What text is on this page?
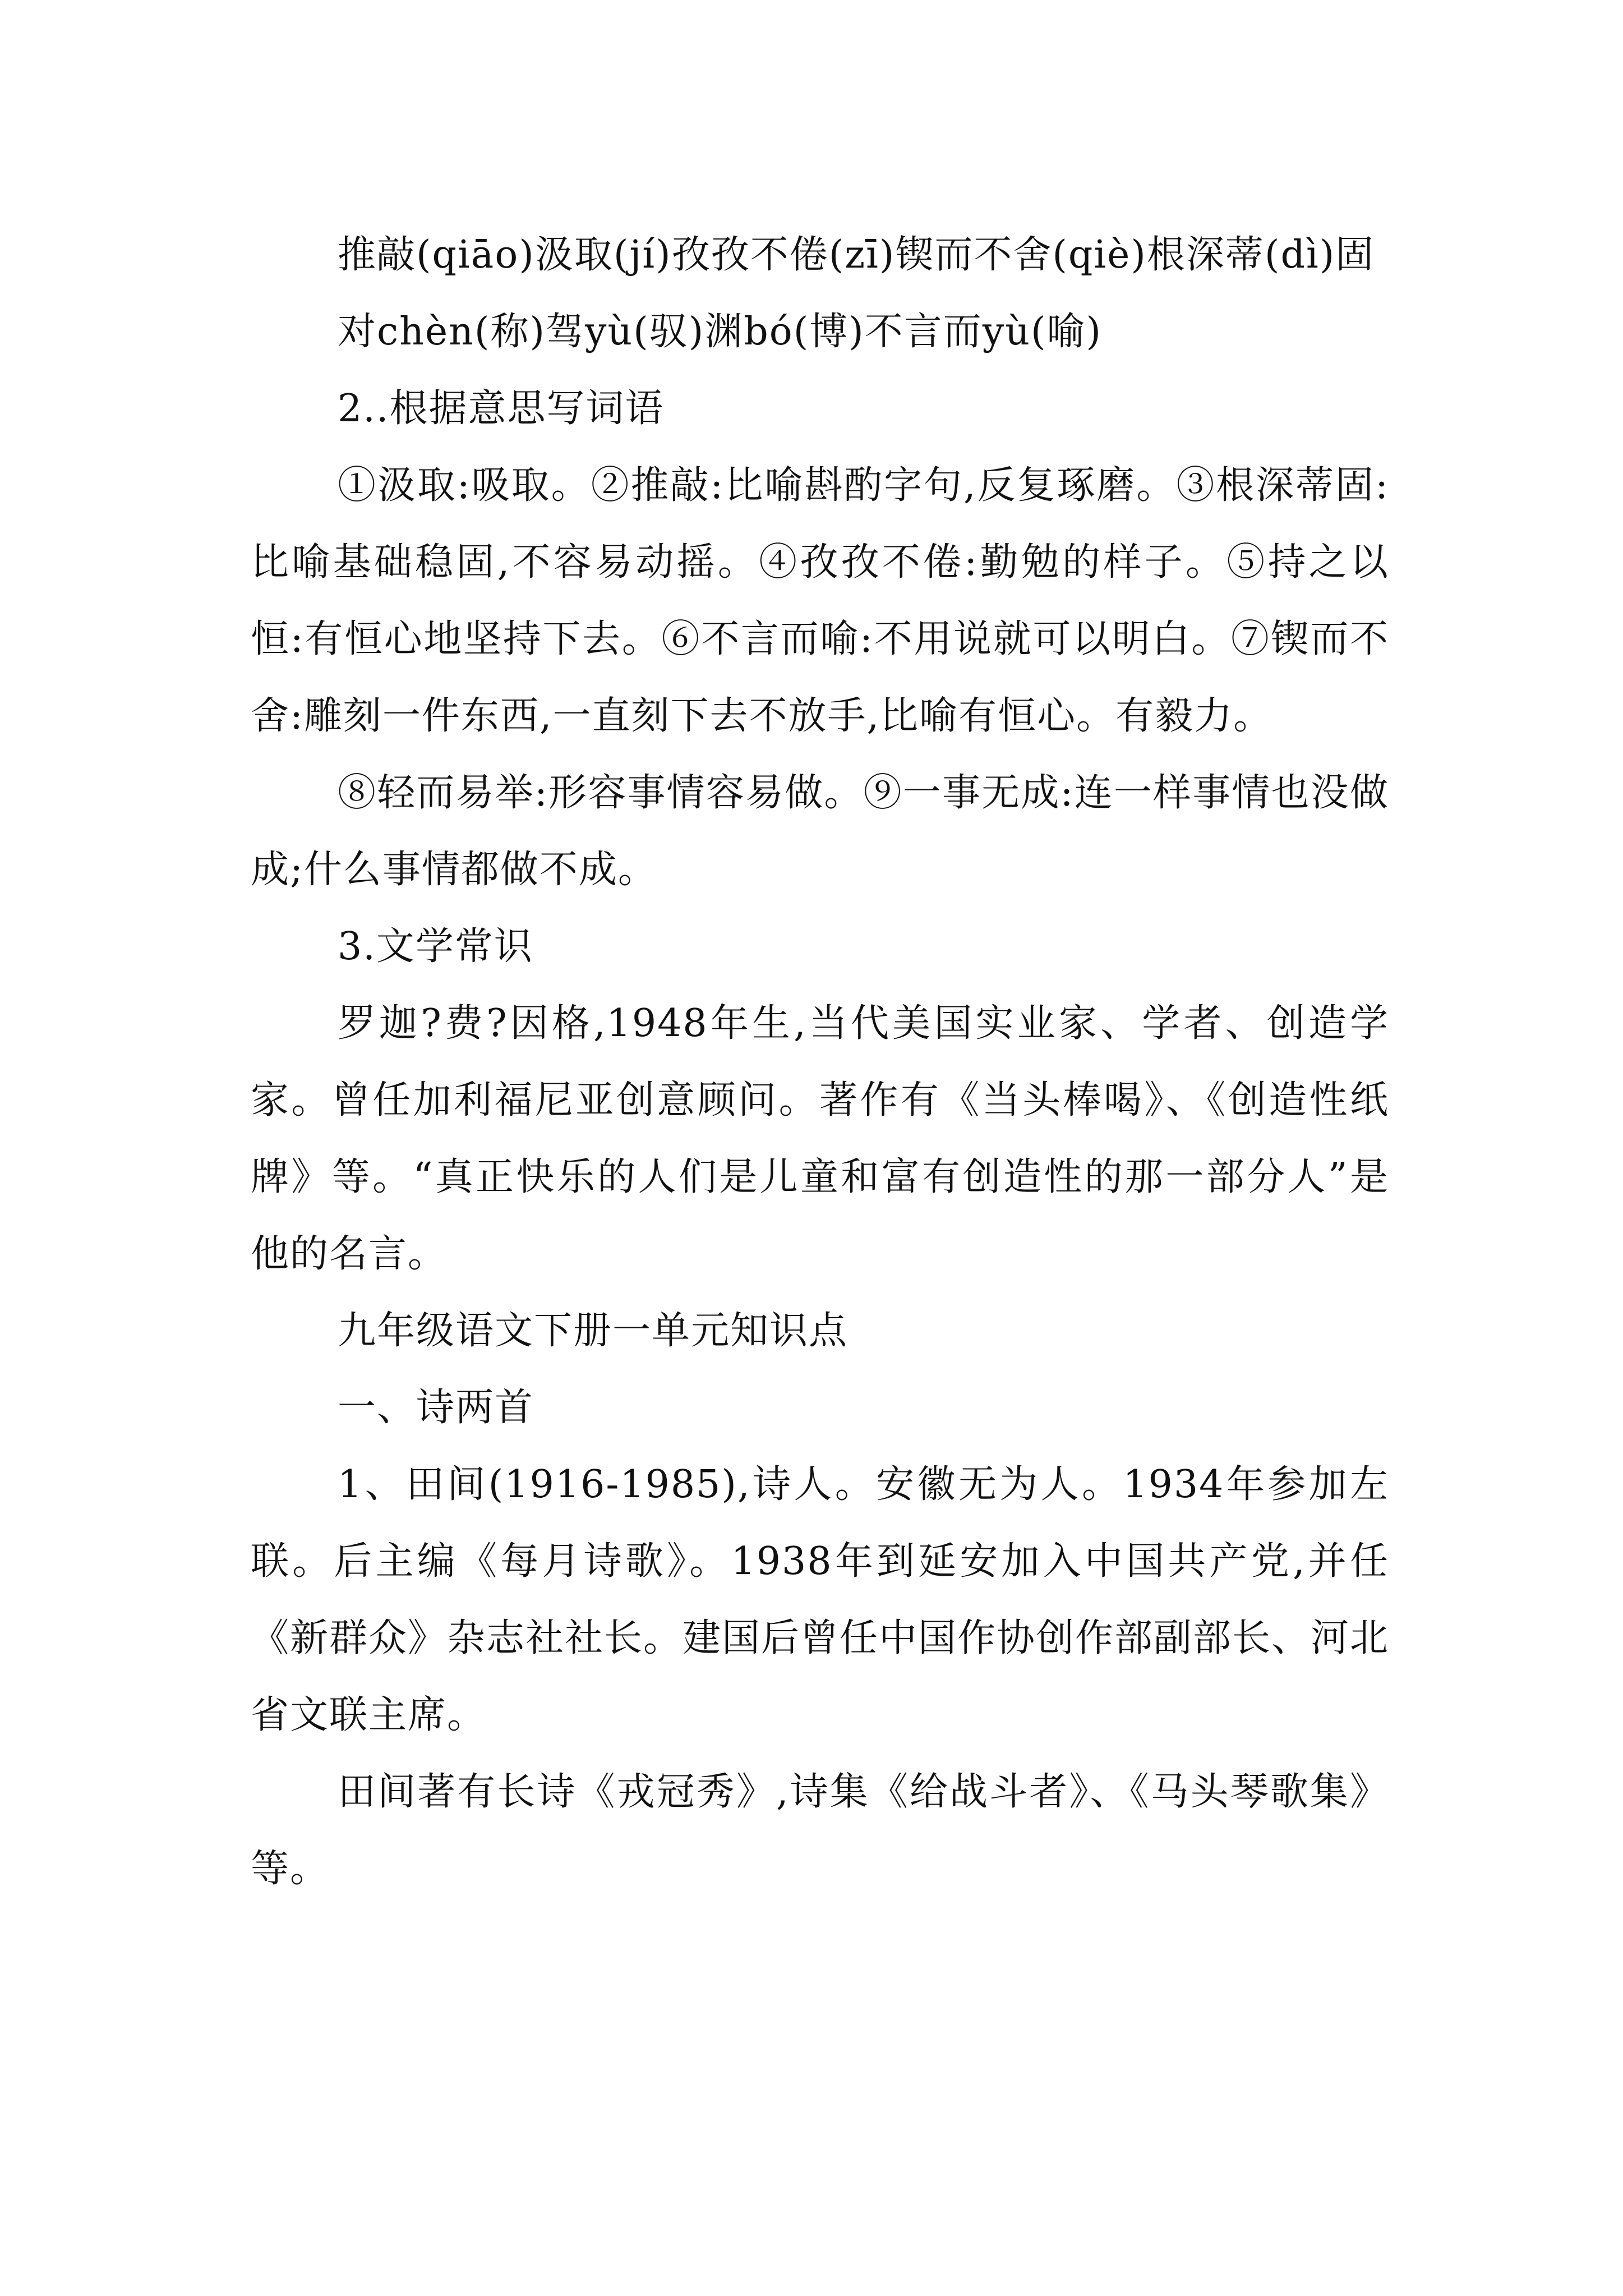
推敲(qiāo)汲取(jí)孜孜不倦(zī)锲而不舍(qiè)根深蒂(dì)固

对chèn(称)驾yù(驭)渊bó(博)不言而yù(喻)

2..根据意思写词语

①汲取:吸取。②推敲:比喻斟酌字句,反复琢磨。③根深蒂固:比喻基础稳固,不容易动摇。④孜孜不倦:勤勉的样子。⑤持之以恒:有恒心地坚持下去。⑥不言而喻:不用说就可以明白。⑦锲而不舍:雕刻一件东西,一直刻下去不放手,比喻有恒心。有毅力。

⑧轻而易举:形容事情容易做。⑨一事无成:连一样事情也没做成;什么事情都做不成。

3.文学常识

罗迦?费?因格,1948年生,当代美国实业家、学者、创造学家。曾任加利福尼亚创意顾问。著作有《当头棒喝》、《创造性纸牌》等。“真正快乐的人们是儿童和富有创造性的那一部分人”是他的名言。

九年级语文下册一单元知识点

一、诗两首

1、田间(1916-1985),诗人。安徽无为人。1934年参加左联。后主编《每月诗歌》。1938年到延安加入中国共产党,并任《新群众》杂志社社长。建国后曾任中国作协创作部副部长、河北省文联主席。

田间著有长诗《戎冠秀》,诗集《给战斗者》、《马头琴歌集》等。
